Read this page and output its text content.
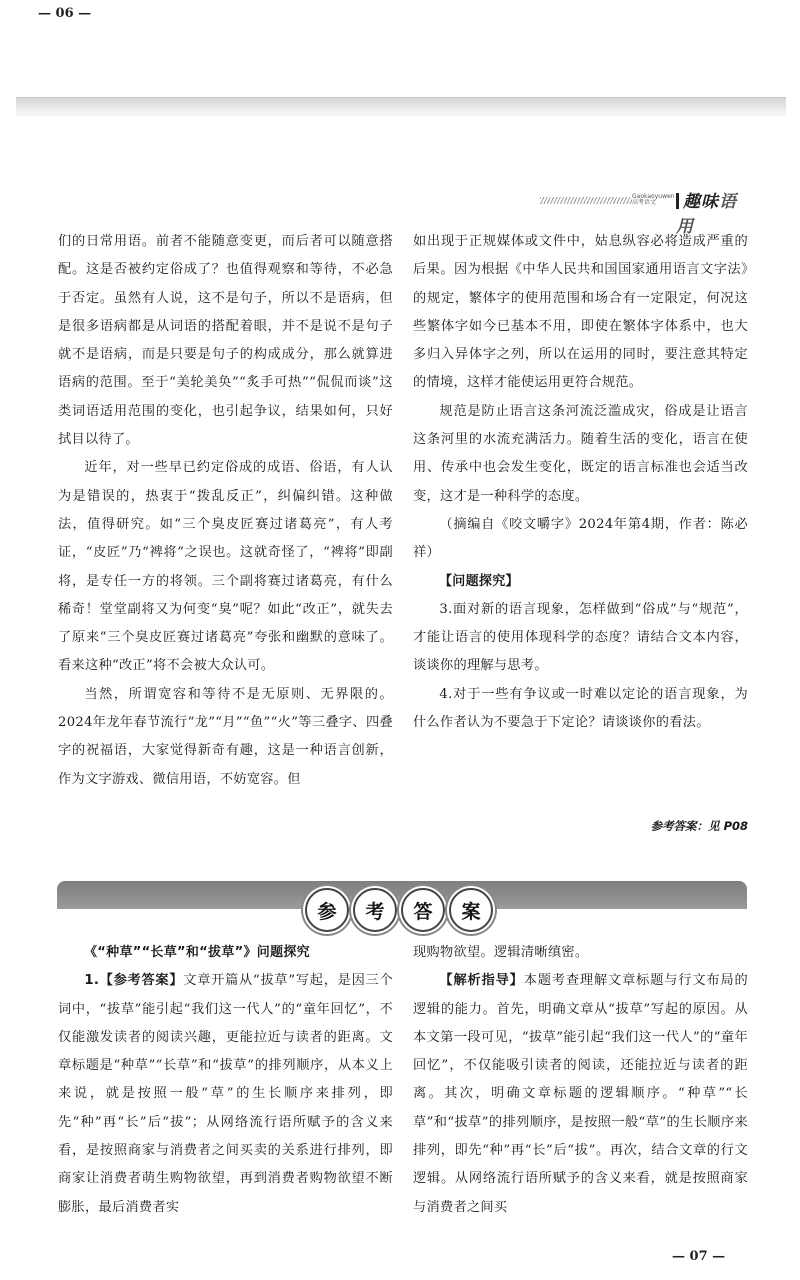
— 06 —
Gaokaoyuwen 高考语文	趣味语用

们的日常用语。前者不能随意变更，而后者可以随意搭配。这是否被约定俗成了？也值得观察和等待，不必急于否定。虽然有人说，这不是句子，所以不是语病，但是很多语病都是从词语的搭配着眼，并不是说不是句子就不是语病，而是只要是句子的构成成分，那么就算进语病的范围。至于“美轮美奂”“炙手可热”“侃侃而谈”这类词语适用范围的变化，也引起争议，结果如何，只好拭目以待了。

近年，对一些早已约定俗成的成语、俗语，有人认为是错误的，热衷于“拨乱反正”，纠偏纠错。这种做法，值得研究。如“三个臭皮匠赛过诸葛亮”，有人考证，“皮匠”乃“裨将”之误也。这就奇怪了，“裨将”即副将，是专任一方的将领。三个副将赛过诸葛亮，有什么稀奇！堂堂副将又为何变“臭”呢？如此“改正”，就失去了原来“三个臭皮匠赛过诸葛亮”夸张和幽默的意味了。看来这种“改正”将不会被大众认可。

当然，所谓宽容和等待不是无原则、无界限的。2024年龙年春节流行“龙”“月”“鱼”“火”等三叠字、四叠字的祝福语，大家觉得新奇有趣，这是一种语言创新，作为文字游戏、微信用语，不妨宽容。但

如出现于正规媒体或文件中，姑息纵容必将造成严重的后果。因为根据《中华人民共和国国家通用语言文字法》的规定，繁体字的使用范围和场合有一定限定，何况这些繁体字如今已基本不用，即使在繁体字体系中，也大多归入异体字之列，所以在运用的同时，要注意其特定的情境，这样才能使运用更符合规范。

规范是防止语言这条河流泛滥成灾，俗成是让语言这条河里的水流充满活力。随着生活的变化，语言在使用、传承中也会发生变化，既定的语言标准也会适当改变，这才是一种科学的态度。

（摘编自《咬文嚼字》2024年第4期，作者：陈必祥）

【问题探究】

3.面对新的语言现象，怎样做到“俗成”与“规范”，才能让语言的使用体现科学的态度？请结合文本内容，谈谈你的理解与思考。

4.对于一些有争议或一时难以定论的语言现象，为什么作者认为不要急于下定论？请谈谈你的看法。

参考答案：见 P08
参	考	答	案

《“种草”“长草”和“拔草”》问题探究

1.【参考答案】文章开篇从“拔草”写起，是因三个词中，“拔草”能引起“我们这一代人”的“童年回忆”，不仅能激发读者的阅读兴趣，更能拉近与读者的距离。文章标题是“种草”“长草”和“拔草”的排列顺序，从本义上来说，就是按照一般“草”的生长顺序来排列，即先“种”再“长”后“拔”；从网络流行语所赋予的含义来看，是按照商家与消费者之间买卖的关系进行排列，即商家让消费者萌生购物欲望，再到消费者购物欲望不断膨胀，最后消费者实

现购物欲望。逻辑清晰缜密。

【解析指导】本题考查理解文章标题与行文布局的逻辑的能力。首先，明确文章从“拔草”写起的原因。从本文第一段可见，“拔草”能引起“我们这一代人”的“童年回忆”，不仅能吸引读者的阅读，还能拉近与读者的距离。其次，明确文章标题的逻辑顺序。“种草”“长草”和“拔草”的排列顺序，是按照一般“草”的生长顺序来排列，即先“种”再“长”后“拔”。再次，结合文章的行文逻辑。从网络流行语所赋予的含义来看，就是按照商家与消费者之间买

— 07 —
